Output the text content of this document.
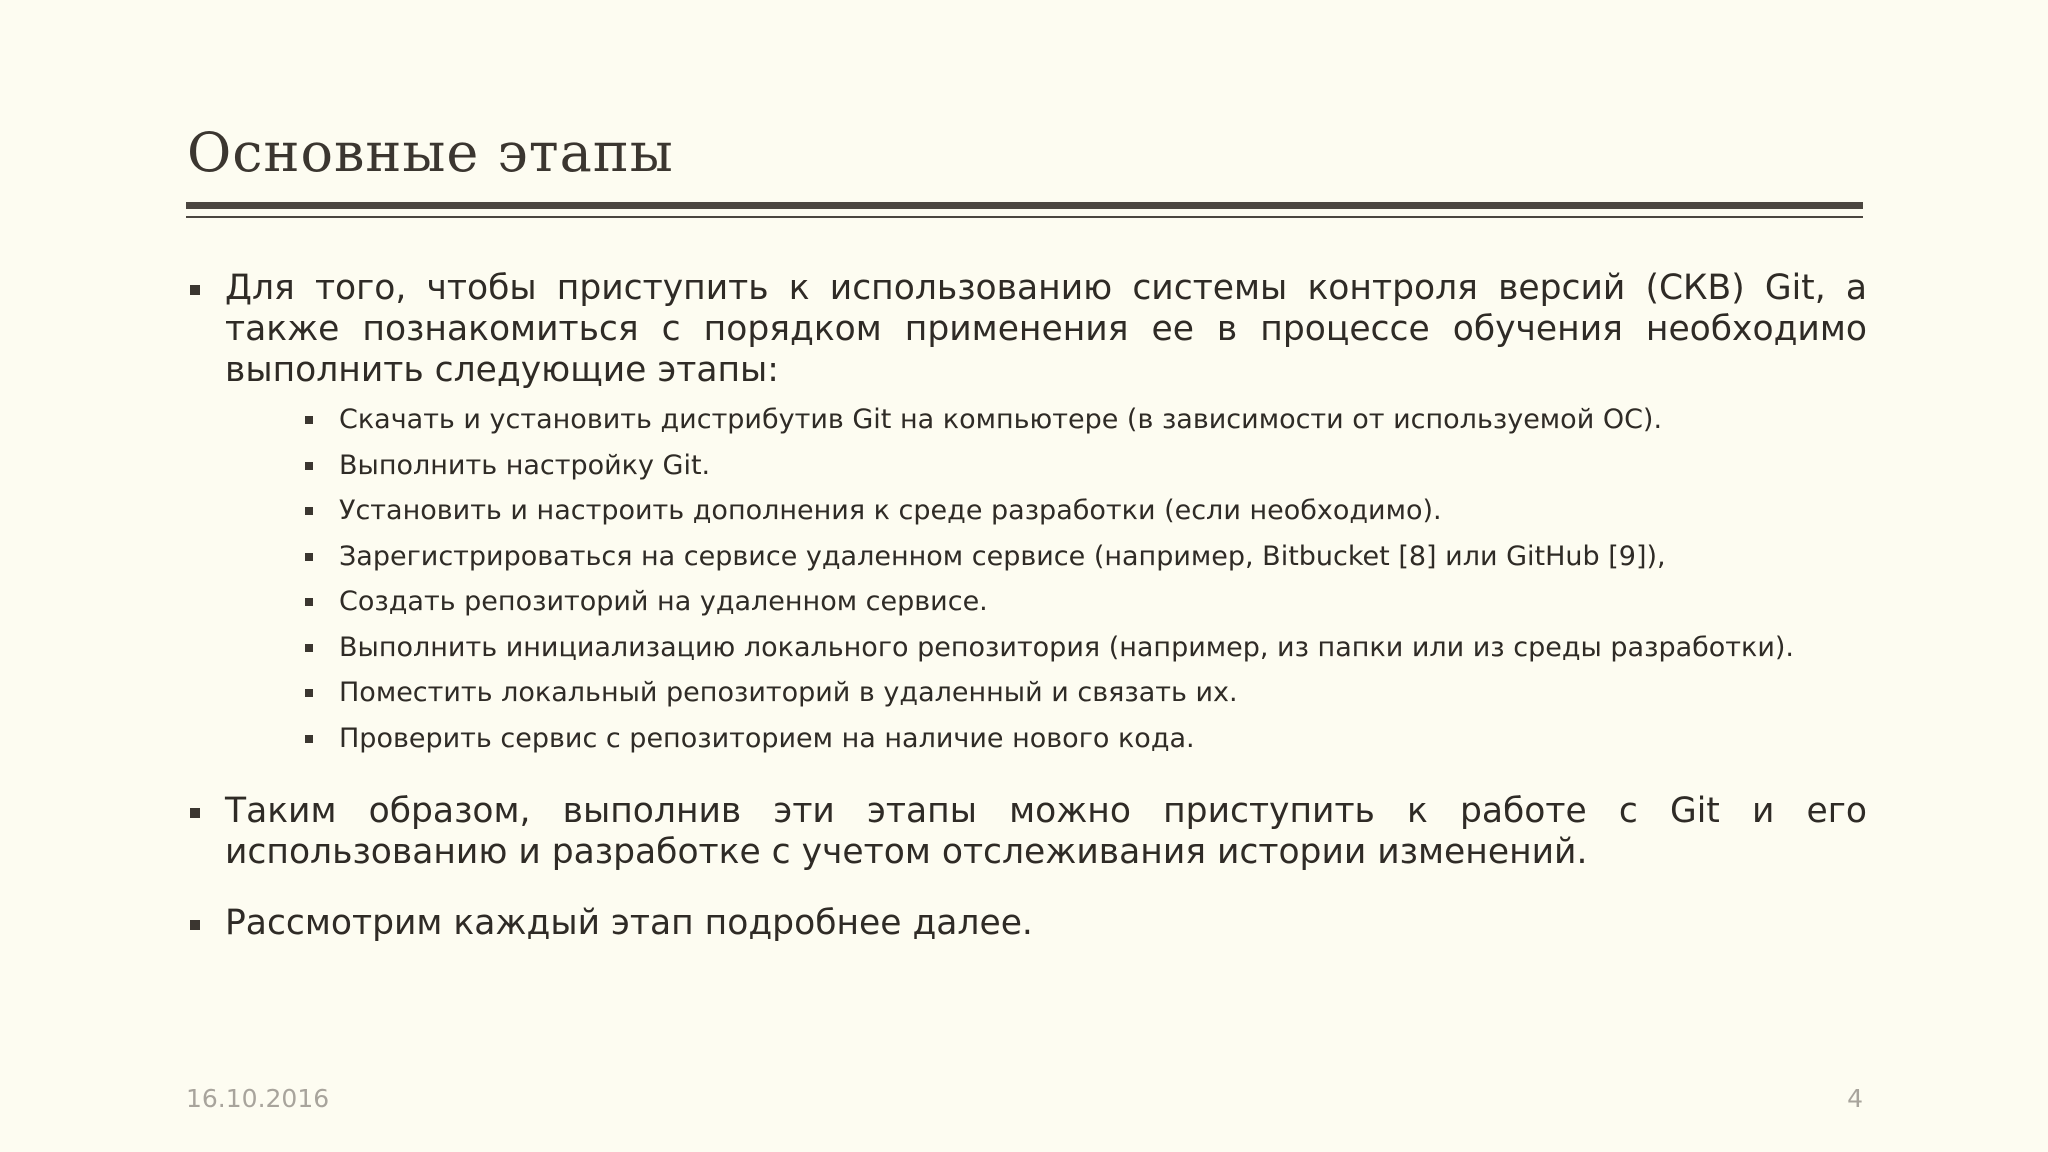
Основные этапы
Для того, чтобы приступить к использованию системы контроля версий (СКВ) Git, а также познакомиться с порядком применения ее в процессе обучения необходимо выполнить следующие этапы:
Скачать и установить дистрибутив Git на компьютере (в зависимости от используемой ОС).
Выполнить настройку Git.
Установить и настроить дополнения к среде разработки (если необходимо).
Зарегистрироваться на сервисе удаленном сервисе (например, Bitbucket [8] или GitHub [9]),
Создать репозиторий на удаленном сервисе.
Выполнить инициализацию локального репозитория (например, из папки или из среды разработки).
Поместить локальный репозиторий в удаленный и связать их.
Проверить сервис с репозиторием на наличие нового кода.
Таким образом, выполнив эти этапы можно приступить к работе с Git и его использованию и разработке с учетом отслеживания истории изменений.
Рассмотрим каждый этап подробнее далее.
16.10.2016	4
